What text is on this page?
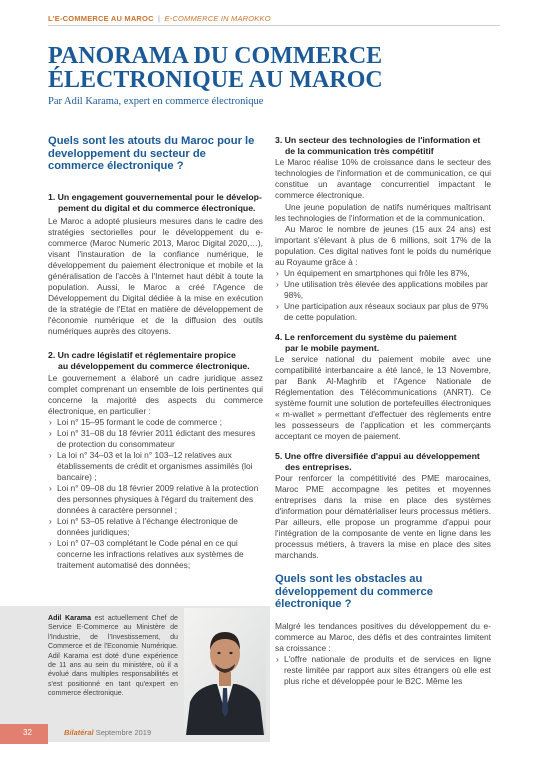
L'E-COMMERCE AU MAROC | E-COMMERCE IN MAROKKO
PANORAMA DU COMMERCE
ÉLECTRONIQUE AU MAROC
Par Adil Karama, expert en commerce électronique
Quels sont les atouts du Maroc pour le developpement du secteur de commerce électronique ?
1. Un engagement gouvernemental pour le dévelop-
pement du digital et du commerce électronique.
Le Maroc a adopté plusieurs mesures dans le cadre des stratégies sectorielles pour le développement du e-commerce (Maroc Numeric 2013, Maroc Digital 2020,…), visant l'instauration de la confiance numérique, le développement du paiement électronique et mobile et la généralisation de l'accès à l'Internet haut débit à toute la population. Aussi, le Maroc a créé l'Agence de Développement du Digital dédiée à la mise en exécution de la stratégie de l'Etat en matière de développement de l'économie numérique et de la diffusion des outils numériques auprès des citoyens.
2. Un cadre législatif et réglementaire propice
au développement du commerce électronique.
Le gouvernement a élaboré un cadre juridique assez complet comprenant un ensemble de lois pertinentes qui concerne la majorité des aspects du commerce électronique, en particulier :
› Loi n° 15–95 formant le code de commerce ;
› Loi n° 31–08 du 18 février 2011 édictant des mesures de protection du consommateur
› La loi n° 34–03 et la loi n° 103–12 relatives aux établissements de crédit et organismes assimilés (loi bancaire) ;
› Loi n° 09–08 du 18 février 2009 relative à la protection des personnes physiques à l'égard du traitement des données à caractère personnel ;
› Loi n° 53–05 relative à l'échange électronique de données juridiques;
› Loi n° 07–03 complétant le Code pénal en ce qui concerne les infractions relatives aux systèmes de traitement automatisé des données;
3. Un secteur des technologies de l'information et
de la communication très compétitif
Le Maroc réalise 10% de croissance dans le secteur des technologies de l'information et de communication, ce qui constitue un avantage concurrentiel impactant le commerce électronique.
Une jeune population de natifs numériques maîtrisant les technologies de l'information et de la communication.
Au Maroc le nombre de jeunes (15 aux 24 ans) est important s'élevant à plus de 6 millions, soit 17% de la population. Ces digital natives font le poids du numérique au Royaume grâce à :
› Un équipement en smartphones qui frôle les 87%,
› Une utilisation très élevée des applications mobiles par 98%,
› Une participation aux réseaux sociaux par plus de 97% de cette population.
4. Le renforcement du système du paiement
par le mobile payment.
Le service national du paiement mobile avec une compatibilité interbancaire a été lancé, le 13 Novembre, par Bank Al-Maghrib et l'Agence Nationale de Réglementation des Télécommunications (ANRT). Ce système fournit une solution de portefeuilles électroniques « m-wallet » permettant d'effectuer des règlements entre les possesseurs de l'application et les commerçants acceptant ce moyen de paiement.
5. Une offre diversifiée d'appui au développement
des entreprises.
Pour renforcer la compétitivité des PME marocaines, Maroc PME accompagne les petites et moyennes entreprises dans la mise en place des systèmes d'information pour dématérialiser leurs processus métiers. Par ailleurs, elle propose un programme d'appui pour l'intégration de la composante de vente en ligne dans les processus métiers, à travers la mise en place des sites marchands.
Quels sont les obstacles au développement du commerce électronique ?
Malgré les tendances positives du développement du e-commerce au Maroc, des défis et des contraintes limitent sa croissance :
› L'offre nationale de produits et de services en ligne reste limitée par rapport aux sites étrangers où elle est plus riche et développée pour le B2C. Même les
Adil Karama est actuellement Chef de Service E-Commerce au Ministère de l'Industrie, de l'Investissement, du Commerce et de l'Economie Numérique. Adil Karama est doté d'une expérience de 11 ans au sein du ministère, où il a évolué dans multiples responsabilités et s'est positionné en tant qu'expert en commerce électronique.
32	Bilatéral Septembre 2019
